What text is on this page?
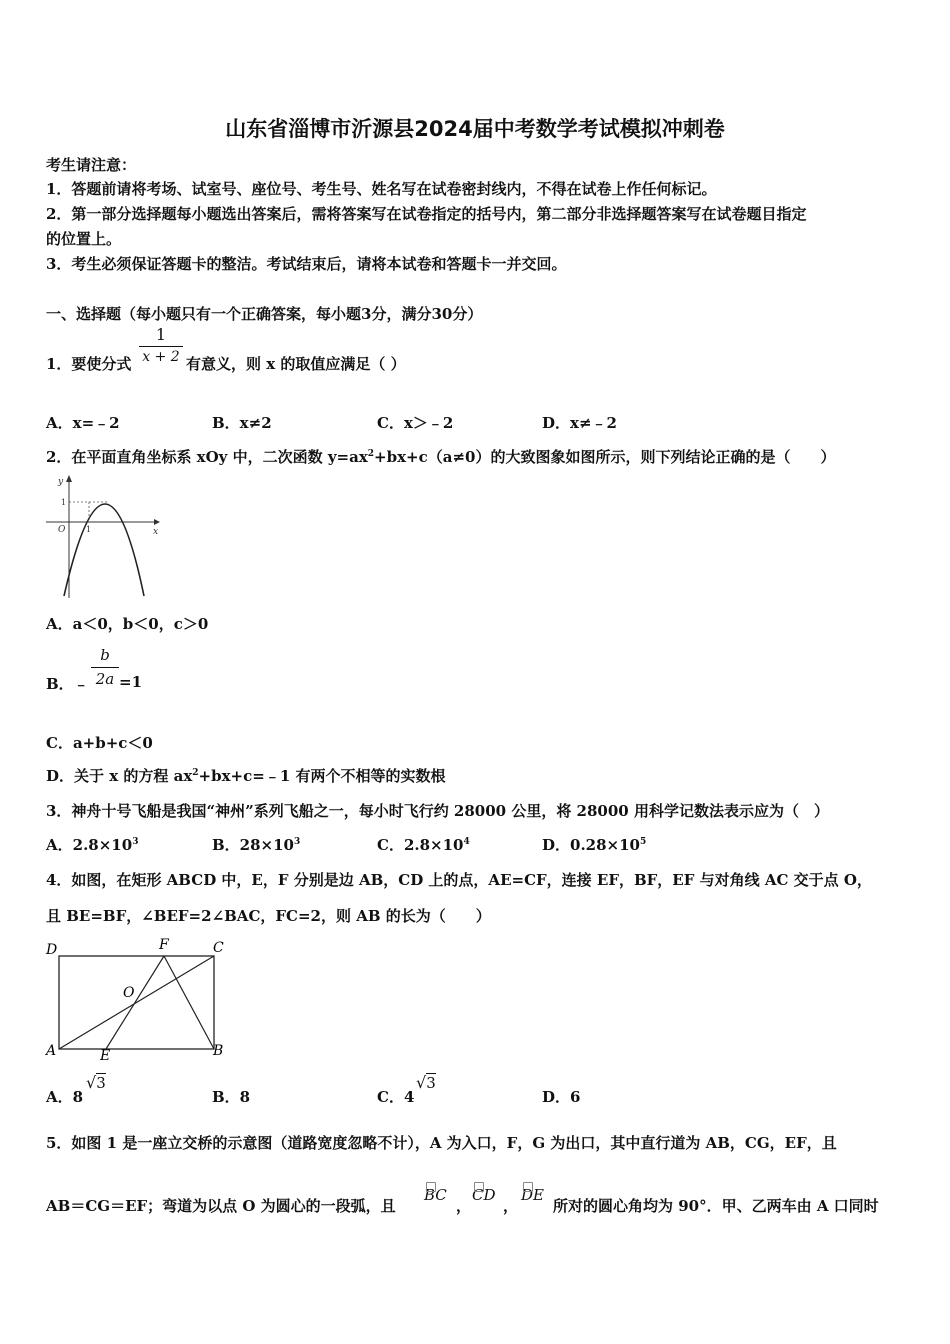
山东省淄博市沂源县2024届中考数学考试模拟冲刺卷
考生请注意：
1．答题前请将考场、试室号、座位号、考生号、姓名写在试卷密封线内，不得在试卷上作任何标记。
2．第一部分选择题每小题选出答案后，需将答案写在试卷指定的括号内，第二部分非选择题答案写在试卷题目指定
的位置上。
3．考生必须保证答题卡的整洁。考试结束后，请将本试卷和答题卡一并交回。
一、选择题（每小题只有一个正确答案，每小题3分，满分30分）
1．要使分式 $\frac{1}{x + 2}$ 有意义，则 x 的取值应满足（ ）
A．x=﹣2	B．x≠2	C．x＞﹣2	D．x≠﹣2
2．在平面直角坐标系 xOy 中，二次函数 $y=ax^2+bx+c(a\ne 0)$的大致图象如图所示，则下列结论正确的是（　　）
y
x
O
1
1
A．a＜0，b＜0，c＞0
B．﹣ $\frac{b}{2a} =1$
C．a+b+c＜0
D．关于 x 的方程 $ax^2+bx+c=﹣1$ 有两个不相等的实数根
3．神舟十号飞船是我国“神州”系列飞船之一，每小时飞行约 28000 公里，将 28000 用科学记数法表示应为（　）
A．$2.8\times 10^3$	B．$28\times 10^3$	C．$2.8\times 10^4$	D．$0.28\times 10^5$
4．如图，在矩形 ABCD 中，E，F 分别是边 AB，CD 上的点，AE=CF，连接 EF，BF，EF 与对角线 AC 交于点 O，
且 BE=BF，∠BEF=2∠BAC，FC=2，则 AB 的长为（　　）
D	F	C
O
A	E	B
A．8
√3
B．8	C．4
√3
D．6
5．如图 1 是一座立交桥的示意图（道路宽度忽略不计），A 为入口，F，G 为出口，其中直行道为 AB，CG，EF，且
AB＝CG＝EF；弯道为以点 O 为圆心的一段弧，且
BC
，
CD
，
DE
所对的圆心角均为 90°．甲、乙两车由 A 口同时
